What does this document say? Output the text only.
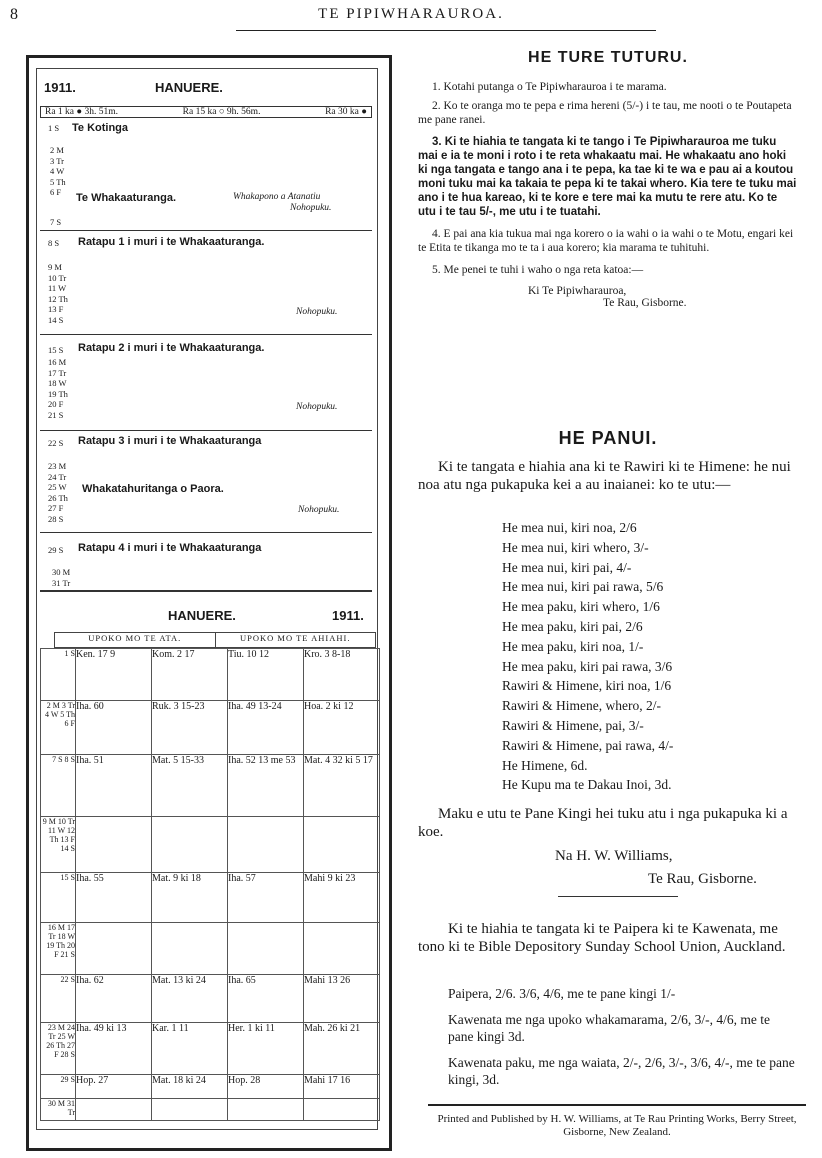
8	TE PIPIWHARAUROA.
1911.	HANUERE.
Ra 1 ka ● 3h. 51m.	Ra 15 ka ○ 9h. 56m.	Ra 30 ka ●
1 S Te Kotinga
2 M
3 Tr
4 W
5 Th
6 F	Te Whakaaturanga.	Whakapono a Atanatiu
Nohopuku.
7 S
8 S Ratapu 1 i muri i te Whakaaturanga.
9 M
10 Tr
11 W
12 Th
13 F
14 S
Nohopuku.
15 S Ratapu 2 i muri i te Whakaaturanga.
16 M
17 Tr
18 W
19 Th
20 F
21 S
Nohopuku.
22 S Ratapu 3 i muri i te Whakaaturanga
23 M
24 Tr
25 W
26 Th
27 F
28 S
Whakatahuritanga o Paora.
Nohopuku.
29 S Ratapu 4 i muri i te Whakaaturanga
30 M
31 Tr
HANUERE.	1911.
UPOKO MO TE ATA.	UPOKO MO TE AHIAHI.
1 S	Ken. 17 9	Kom. 2 17	Tiu. 10 12	Kro. 3 8-18
2 M 3 Tr 4 W 5 Th 6 F	Iha. 60	Ruk. 3 15-23	Iha. 49 13-24	Hoa. 2 ki 12
7 S 8 S	Iha. 51	Mat. 5 15-33	Iha. 52 13 me 53	Mat. 4 32 ki 5 17
9 M 10 Tr 11 W 12 Th 13 F 14 S				
15 S	Iha. 55	Mat. 9 ki 18	Iha. 57	Mahi 9 ki 23
16 M 17 Tr 18 W 19 Th 20 F 21 S				
22 S	Iha. 62	Mat. 13 ki 24	Iha. 65	Mahi 13 26
23 M 24 Tr 25 W 26 Th 27 F 28 S	Iha. 49 ki 13	Kar. 1 11	Her. 1 ki 11	Mah. 26 ki 21
29 S	Hop. 27	Mat. 18 ki 24	Hop. 28	Mahi 17 16
30 M 31 Tr				
HE TURE TUTURU.

1. Kotahi putanga o Te Pipiwharauroa i te marama.

2. Ko te oranga mo te pepa e rima hereni (5/-) i te tau, me nooti o te Poutapeta me pane ranei.

3. Ki te hiahia te tangata ki te tango i Te Pipiwharauroa me tuku mai e ia te moni i roto i te reta whakaatu mai. He whakaatu ano hoki ki nga tangata e tango ana i te pepa, ka tae ki te wa e pau ai a koutou moni tuku mai ka takaia te pepa ki te takai whero. Kia tere te tuku mai ano i te hua kareao, ki te kore e tere mai ka mutu te rere atu. Ko te utu i te tau 5/-, me utu i te tuatahi.

4. E pai ana kia tukua mai nga korero o ia wahi o ia wahi o te Motu, engari kei te Etita te tikanga mo te ta i aua korero; kia marama te tuhituhi.

5. Me penei te tuhi i waho o nga reta katoa:—

Ki Te Pipiwharauroa,
Te Rau, Gisborne.
HE PANUI.
Ki te tangata e hiahia ana ki te Rawiri ki te Himene: he nui noa atu nga pukapuka kei a au inaianei: ko te utu:—
He mea nui, kiri noa, 2/6
He mea nui, kiri whero, 3/-
He mea nui, kiri pai, 4/-
He mea nui, kiri pai rawa, 5/6
He mea paku, kiri whero, 1/6
He mea paku, kiri pai, 2/6
He mea paku, kiri noa, 1/-
He mea paku, kiri pai rawa, 3/6
Rawiri & Himene, kiri noa, 1/6
Rawiri & Himene, whero, 2/-
Rawiri & Himene, pai, 3/-
Rawiri & Himene, pai rawa, 4/-
He Himene, 6d.
He Kupu ma te Dakau Inoi, 3d.
Maku e utu te Pane Kingi hei tuku atu i nga pukapuka ki a koe.
Na H. W. Williams,
Te Rau, Gisborne.
Ki te hiahia te tangata ki te Paipera ki te Kawenata, me tono ki te Bible Depository Sunday School Union, Auckland.
Paipera, 2/6. 3/6, 4/6, me te pane kingi 1/-
Kawenata me nga upoko whakamarama, 2/6, 3/-, 4/6, me te pane kingi 3d.
Kawenata paku, me nga waiata, 2/-, 2/6, 3/-, 3/6, 4/-, me te pane kingi, 3d.
Printed and Published by H. W. Williams, at Te Rau Printing Works, Berry Street, Gisborne, New Zealand.
